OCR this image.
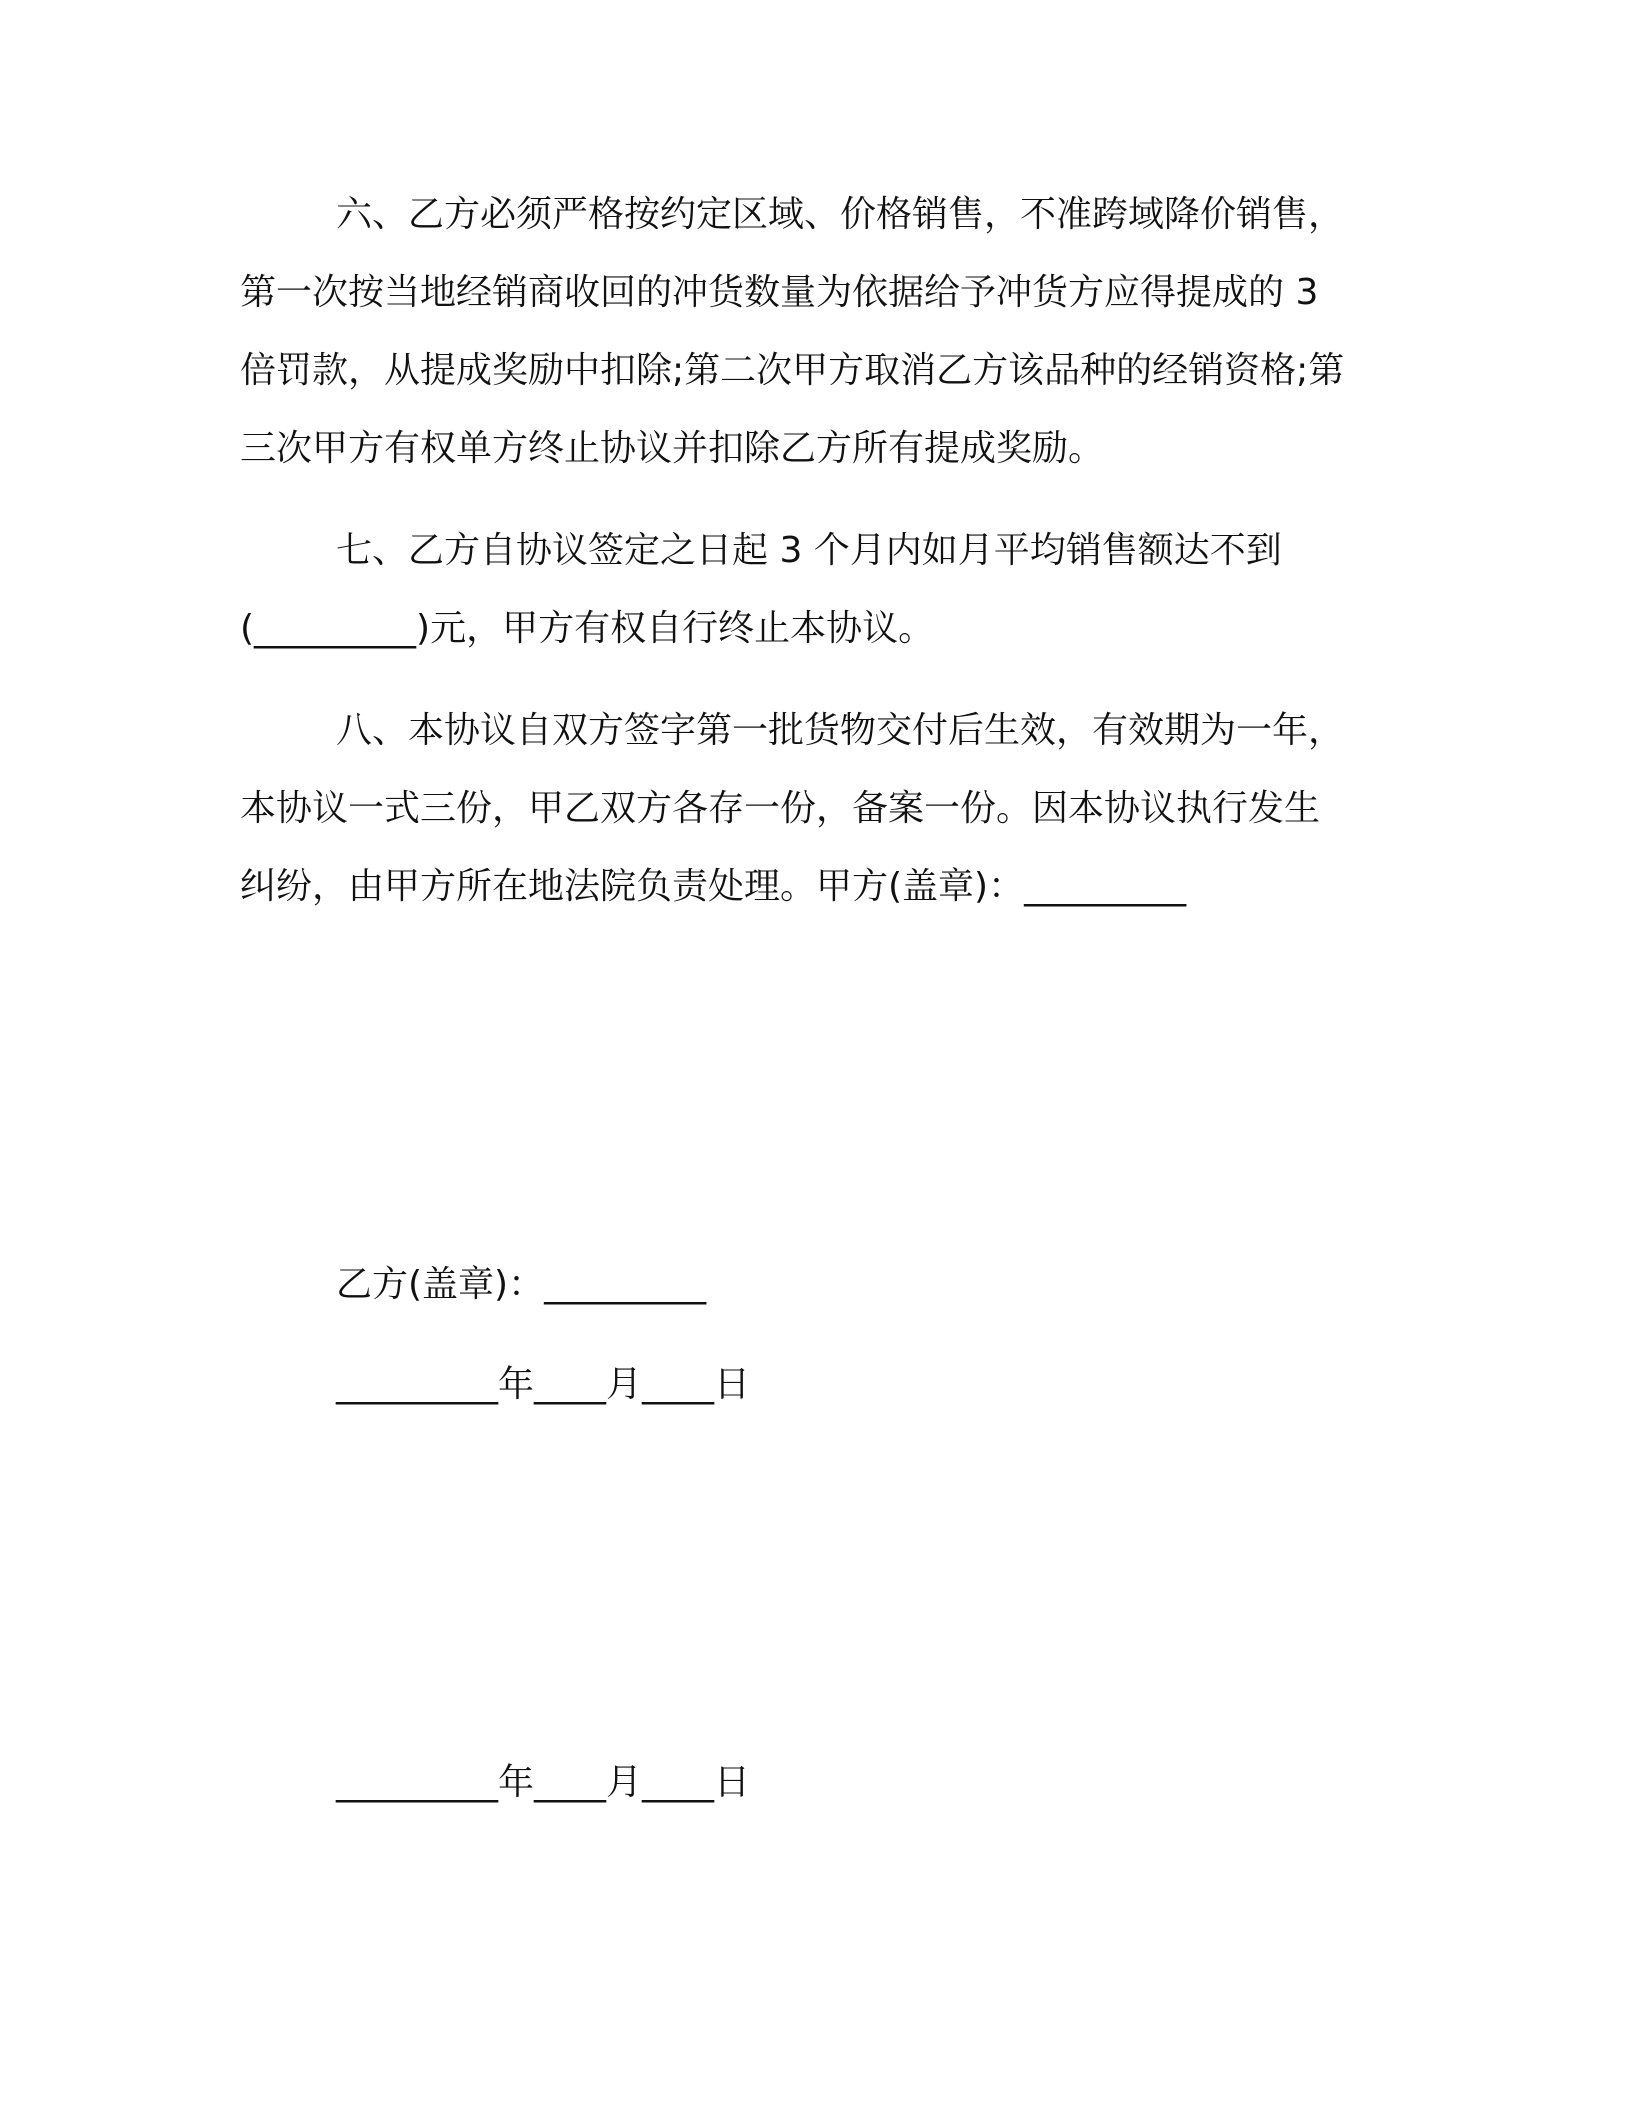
六、乙方必须严格按约定区域、价格销售，不准跨域降价销售，
第一次按当地经销商收回的冲货数量为依据给予冲货方应得提成的 3
倍罚款，从提成奖励中扣除;第二次甲方取消乙方该品种的经销资格;第
三次甲方有权单方终止协议并扣除乙方所有提成奖励。

七、乙方自协议签定之日起 3 个月内如月平均销售额达不到
(_________)元，甲方有权自行终止本协议。

八、本协议自双方签字第一批货物交付后生效，有效期为一年，
本协议一式三份，甲乙双方各存一份，备案一份。因本协议执行发生
纠纷，由甲方所在地法院负责处理。甲方(盖章)：_________

乙方(盖章)：_________

_________年____月____日

_________年____月____日
